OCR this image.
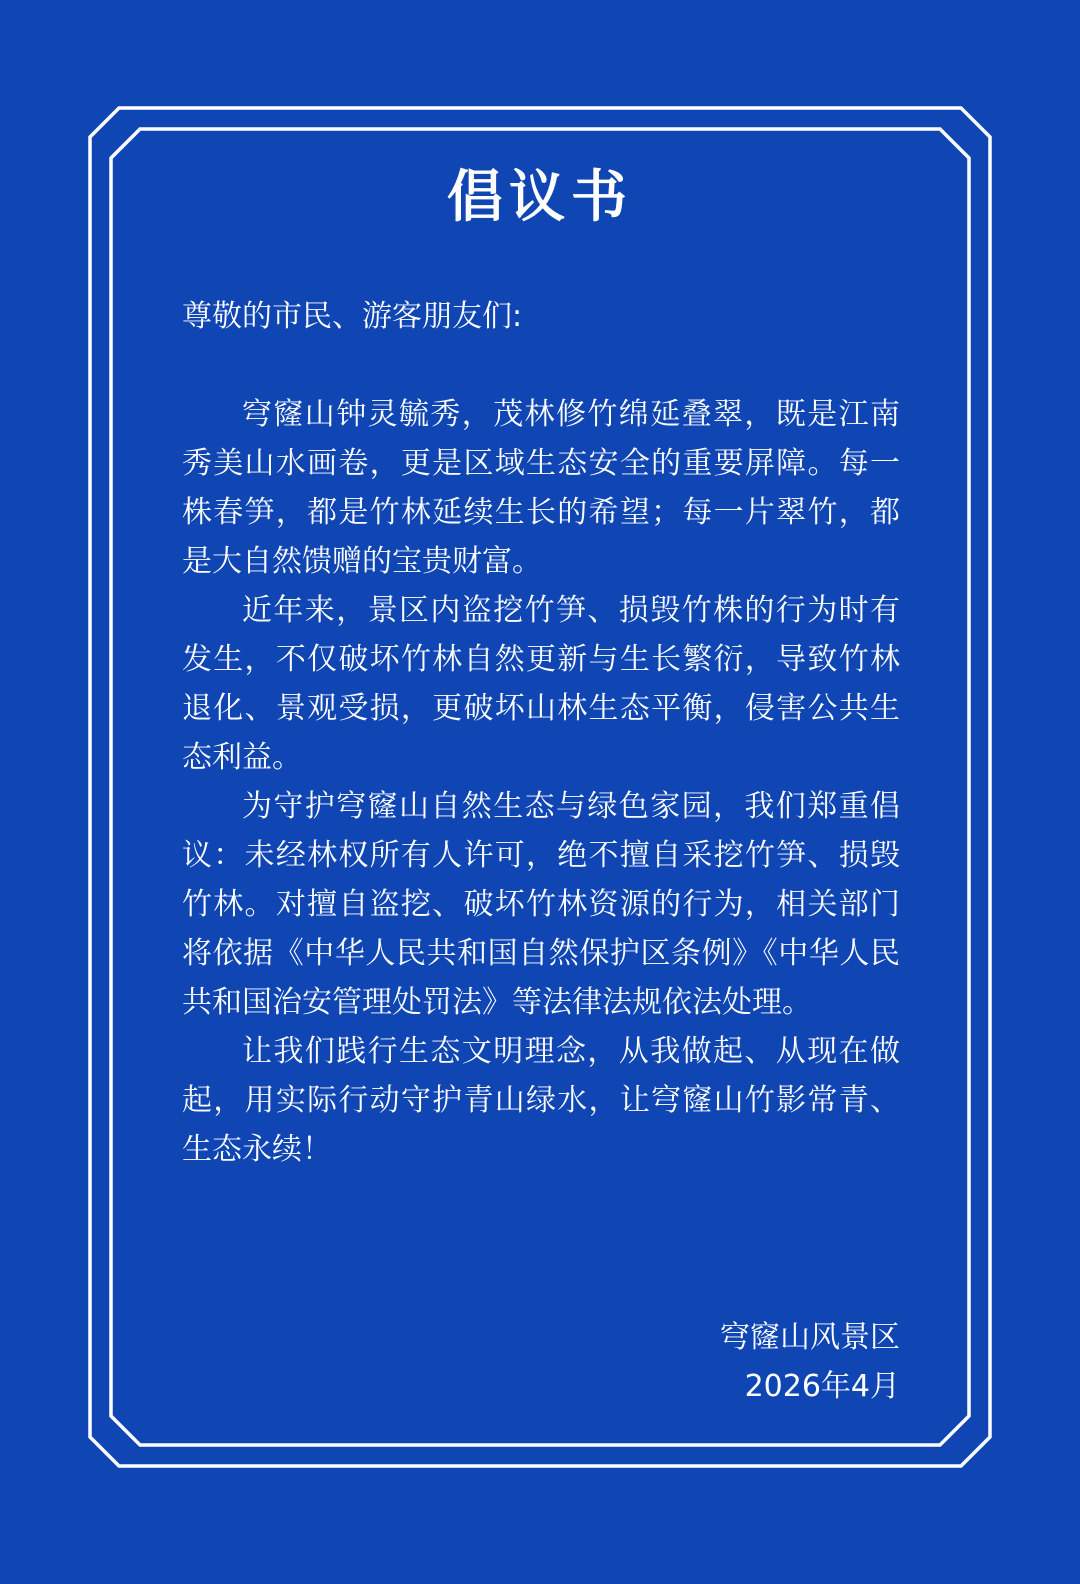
倡议书

尊敬的市民、游客朋友们:

穹窿山钟灵毓秀，茂林修竹绵延叠翠，既是江南秀美山水画卷，更是区域生态安全的重要屏障。每一株春笋，都是竹林延续生长的希望；每一片翠竹，都是大自然馈赠的宝贵财富。

近年来，景区内盗挖竹笋、损毁竹株的行为时有发生，不仅破坏竹林自然更新与生长繁衍，导致竹林退化、景观受损，更破坏山林生态平衡，侵害公共生态利益。

为守护穹窿山自然生态与绿色家园，我们郑重倡议：未经林权所有人许可，绝不擅自采挖竹笋、损毁竹林。对擅自盗挖、破坏竹林资源的行为，相关部门将依据《中华人民共和国自然保护区条例》《中华人民共和国治安管理处罚法》等法律法规依法处理。

让我们践行生态文明理念，从我做起、从现在做起，用实际行动守护青山绿水，让穹窿山竹影常青、生态永续！

穹窿山风景区
2026年4月
